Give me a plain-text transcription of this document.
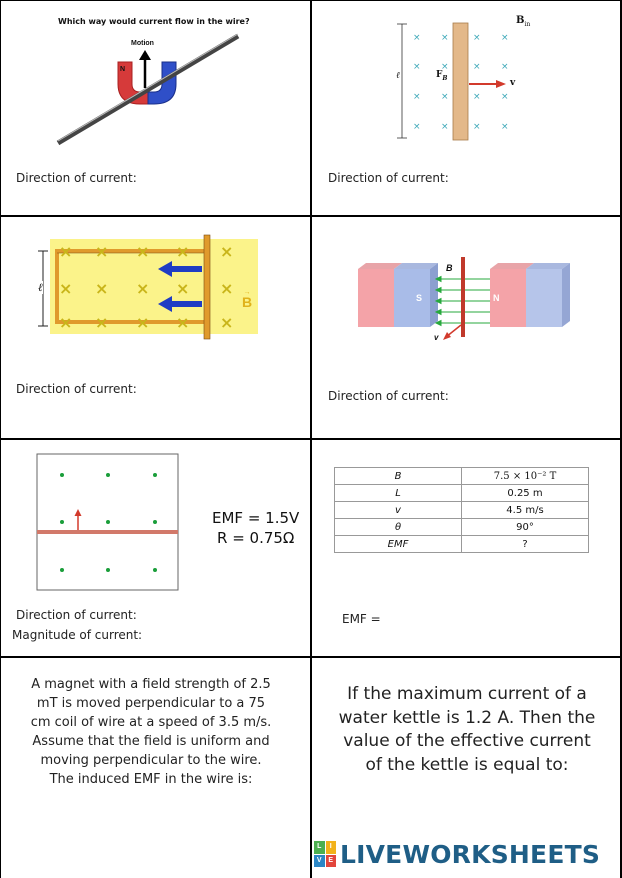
Which way would current flow in the wire?
Motion
N
Direction of current:
× ×	× ×
× ×	× ×
× ×	× ×
× ×	× ×
$B_{in}$
ℓ	$F_B$	v
Direction of current:
× × × × ×
× × × × ×
× × × × ×
ℓ	→
B
Direction of current:
B
S	N
v
Direction of current:
EMF = 1.5V
R = 0.75Ω
Direction of current:
Magnitude of current:
B	7.5 × 10⁻² T
L	0.25 m
v	4.5 m/s
θ	90°
EMF	?
EMF =
A magnet with a field strength of 2.5 mT is moved perpendicular to a 75 cm coil of wire at a speed of 3.5 m/s. Assume that the field is uniform and moving perpendicular to the wire. The induced EMF in the wire is:
If the maximum current of a water kettle is 1.2 A. Then the value of the effective current of the kettle is equal to:
L	I
V E LIVEWORKSHEETS
